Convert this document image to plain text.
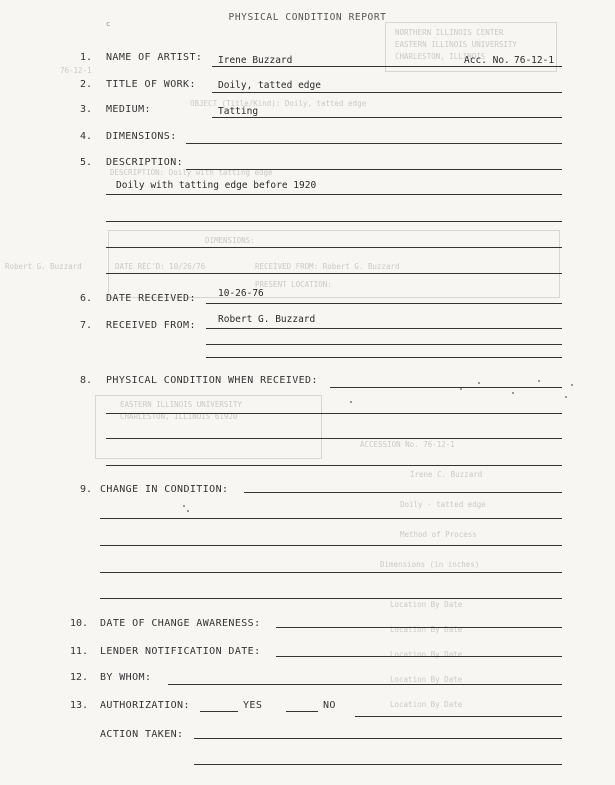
NORTHERN ILLINOIS CENTER
EASTERN ILLINOIS UNIVERSITY
CHARLESTON, ILLINOIS
76-12-1
OBJECT (Title/Kind): Doily, tatted edge
DESCRIPTION: Doily with tatting edge
DIMENSIONS:
DATE REC'D: 10/26/76	RECEIVED FROM: Robert G. Buzzard
Robert G. Buzzard
PRESENT LOCATION:
EASTERN ILLINOIS UNIVERSITY
CHARLESTON, ILLINOIS 61920
ACCESSION No. 76-12-1
Irene C. Buzzard
Doily - tatted edge
Method of Process
Dimensions (in inches)
Location By Date
Location By Date
Location By Date
Location By Date
Location By Date
c
PHYSICAL CONDITION REPORT
1. NAME OF ARTIST: Irene Buzzard	Acc. No. 76-12-1
2. TITLE OF WORK: Doily, tatted edge
3. MEDIUM:	Tatting
4. DIMENSIONS:
5. DESCRIPTION:
Doily with tatting edge before 1920
6. DATE RECEIVED: 10-26-76
7. RECEIVED FROM:
Robert G. Buzzard
8. PHYSICAL CONDITION WHEN RECEIVED:
9. CHANGE IN CONDITION:
10. DATE OF CHANGE AWARENESS:
11. LENDER NOTIFICATION DATE:
12. BY WHOM:
13. AUTHORIZATION:	YES	NO
ACTION TAKEN:
